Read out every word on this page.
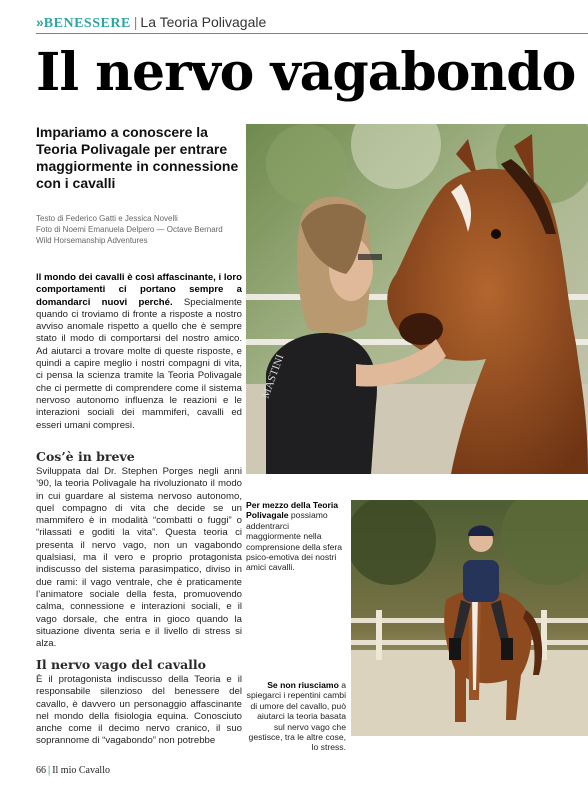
» BENESSERE | La Teoria Polivagale
Il nervo vagabondo
Impariamo a conoscere la Teoria Polivagale per entrare maggiormente in connessione con i cavalli
Testo di Federico Gatti e Jessica Novelli
Foto di Noemi Emanuela Delpero — Octave Bernard
Wild Horsemanship Adventures
Il mondo dei cavalli è così affascinante, i loro comportamenti ci portano sempre a domandarci nuovi perché. Specialmente quando ci troviamo di fronte a risposte a nostro avviso anomale rispetto a quello che è sempre stato il modo di comportarsi del nostro amico. Ad aiutarci a trovare molte di queste risposte, e quindi a capire meglio i nostri compagni di vita, ci pensa la scienza tramite la Teoria Polivagale che ci permette di comprendere come il sistema nervoso autonomo influenza le reazioni e le interazioni sociali dei mammiferi, cavalli ed esseri umani compresi.
Cos’è in breve
Sviluppata dal Dr. Stephen Porges negli anni ’90, la teoria Polivagale ha rivoluzionato il modo in cui guardare al sistema nervoso autonomo, quel compagno di vita che decide se un mammifero è in modalità “combatti o fuggi” o “rilassati e goditi la vita”. Questa teoria ci presenta il nervo vago, non un vagabondo qualsiasi, ma il vero e proprio protagonista indiscusso del sistema parasimpatico, diviso in due rami: il vago ventrale, che è praticamente l’animatore sociale della festa, promuovendo calma, connessione e interazioni sociali, e il vago dorsale, che entra in gioco quando la situazione diventa seria e il livello di stress si alza.
Il nervo vago del cavallo
È il protagonista indiscusso della Teoria e il responsabile silenzioso del benessere del cavallo, è davvero un personaggio affascinante nel mondo della fisiologia equina. Conosciuto anche come il decimo nervo cranico, il suo soprannome di “vagabondo” non potrebbe
MASTINI
Per mezzo della Teoria Polivagale possiamo addentrarci maggiormente nella comprensione della sfera psico-emotiva dei nostri amici cavalli.
Se non riusciamo a spiegarci i repentini cambi di umore del cavallo, può aiutarci la teoria basata sul nervo vago che gestisce, tra le altre cose, lo stress.
66 | Il mio Cavallo
